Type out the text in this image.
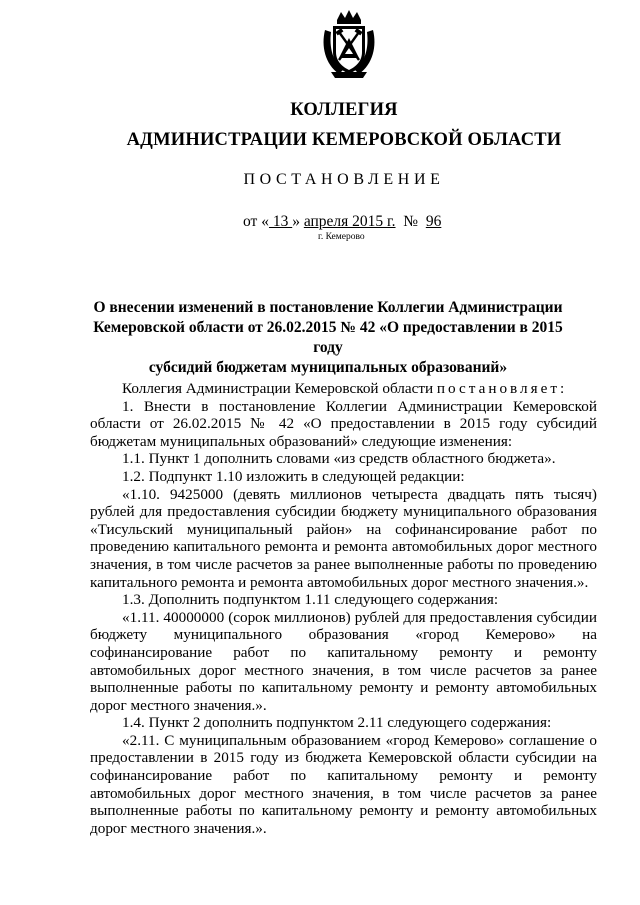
КОЛЛЕГИЯ
АДМИНИСТРАЦИИ КЕМЕРОВСКОЙ ОБЛАСТИ
ПОСТАНОВЛЕНИЕ
от « 13 » апреля 2015 г. № 96
г. Кемерово
О внесении изменений в постановление Коллегии Администрации
Кемеровской области от 26.02.2015 № 42 «О предоставлении в 2015 году
субсидий бюджетам муниципальных образований»

Коллегия Администрации Кемеровской области постановляет:

1. Внести в постановление Коллегии Администрации Кемеровской области от 26.02.2015 № 42 «О предоставлении в 2015 году субсидий бюджетам муниципальных образований» следующие изменения:

1.1. Пункт 1 дополнить словами «из средств областного бюджета».

1.2. Подпункт 1.10 изложить в следующей редакции:

«1.10. 9425000 (девять миллионов четыреста двадцать пять тысяч) рублей для предоставления субсидии бюджету муниципального образования «Тисульский муниципальный район» на софинансирование работ по проведению капитального ремонта и ремонта автомобильных дорог местного значения, в том числе расчетов за ранее выполненные работы по проведению капитального ремонта и ремонта автомобильных дорог местного значения.».

1.3. Дополнить подпунктом 1.11 следующего содержания:

«1.11. 40000000 (сорок миллионов) рублей для предоставления субсидии бюджету муниципального образования «город Кемерово» на софинансирование работ по капитальному ремонту и ремонту автомобильных дорог местного значения, в том числе расчетов за ранее выполненные работы по капитальному ремонту и ремонту автомобильных дорог местного значения.».

1.4. Пункт 2 дополнить подпунктом 2.11 следующего содержания:

«2.11. С муниципальным образованием «город Кемерово» соглашение о предоставлении в 2015 году из бюджета Кемеровской области субсидии на софинансирование работ по капитальному ремонту и ремонту автомобильных дорог местного значения, в том числе расчетов за ранее выполненные работы по капитальному ремонту и ремонту автомобильных дорог местного значения.».
